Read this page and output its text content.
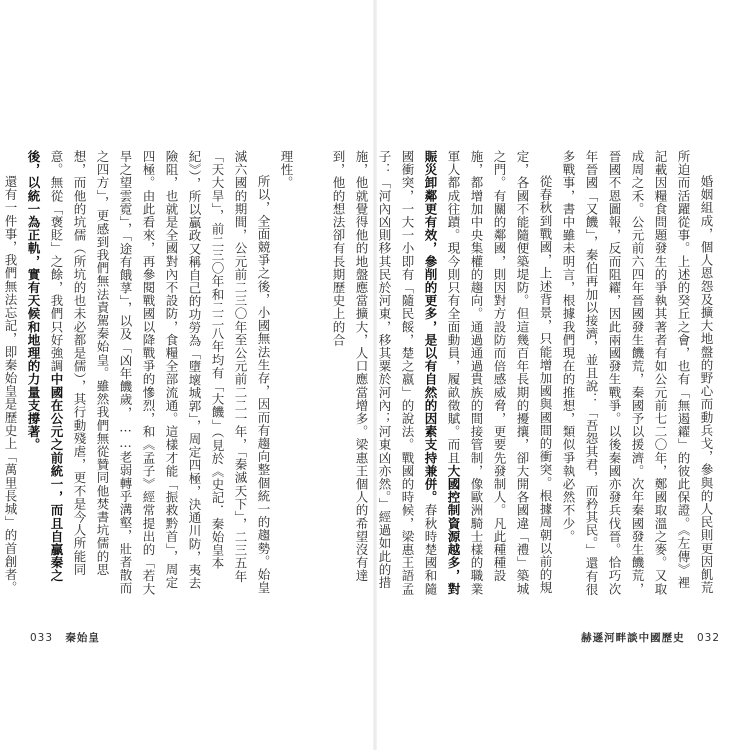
理性。
所以，全面競爭之後，小國無法生存，因而有趨向整個統一的趨勢。始皇滅六國的期間，公元前二三〇年至公元前二二一年，「秦滅天下」，二三五年「天大旱」，前二三〇年和二二八年均有「大饑」（見於《史記．秦始皇本紀》），所以贏政又稱自己的功勞為「墮壞城郭」，周定四極，決通川防，夷去險阻，也就是全國對內不設防，食糧全部流通。這樣才能「振救黔首」，周定四極。由此看來，再參閱戰國以降戰爭的慘烈，和《孟子》經常提出的「若大旱之望雲霓」，「途有餓莩」，以及「凶年饑歲，……老弱轉乎溝壑，壯者散而之四方」，更感到我們無法責駕秦始皇。雖然我們無從贊同他焚書坑儒的思想，而他的坑儒（所坑的也未必都是儒），其行動殘虐，更不是今人所能同意。無從「褒貶」之餘，我們只好強調中國在公元之前統一，而且自贏秦之後，以統一為正軌，實有天候和地理的力量支撐著。
還有一件事，我們無法忘記，即秦始皇是歷史上「萬里長城」的首創者。
033 秦始皇
婚姻組成，個人恩怨及擴大地盤的野心而動兵戈，參與的人民則更因飢荒所迫而活躍從事。上述的癸丘之會，也有「無遏糴」的彼此保證。《左傳》裡記載因糧食問題發生的爭執其著者有如公元前七二〇年，鄭國取溫之麥。又取成周之禾。公元前六四年晉國發生饑荒，秦國予以援濟。次年秦國發生饑荒，晉國不恩圖報，反而阻糴，因此兩國發生戰爭。以後秦國亦發兵伐晉。恰巧次年晉國「又饑」，秦伯再加以接濟，並且說：「吾怨其君，而矜其民。」還有很多戰事，書中雖未明言，根據我們現在的推想，類似爭執必然不少。
從春秋到戰國，上述背景，只能增加國與國間的衝突。根據周朝以前的規定，各國不能隨便築堤防。但這幾百年長期的擾攘，卻大開各國違「禮」築城之門。有關的鄰國，則因對方設防而倍感威脅，更要先發制人。凡此種種設施，都增加中央集權的趨向。通過通過貴族的間接管制，像歐洲騎士樣的職業軍人都成往蹟。現今則只有全面動員，履畝徵賦。而且大國控制資源越多，對賑災卸鄰更有效，參削的更多，是以有自然的因素支持兼併。春秋時楚國和隨國衝突，一大一小即有「隨民餒，楚之嬴」的說法。戰國的時候，梁惠王語孟子：「河內凶則移其民於河東，移其粟於河內；河東凶亦然。」經過如此的措施，他就覺得他的地盤應當擴大，人口應當增多。梁惠王個人的希望沒有達到，他的想法卻有長期歷史上的合
赫遜河畔談中國歷史 032
